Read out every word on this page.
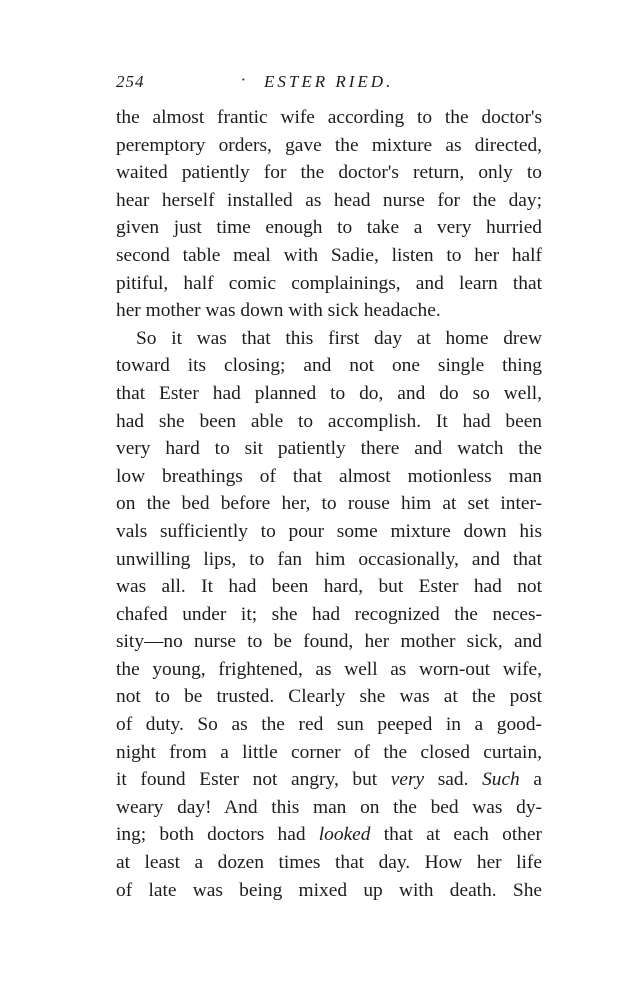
254	· ESTER RIED.
the almost frantic wife according to the doctor's
peremptory orders, gave the mixture as directed,
waited patiently for the doctor's return, only to
hear herself installed as head nurse for the day;
given just time enough to take a very hurried
second table meal with Sadie, listen to her half
pitiful, half comic complainings, and learn that
her mother was down with sick headache.
So it was that this first day at home drew
toward its closing; and not one single thing
that Ester had planned to do, and do so well,
had she been able to accomplish. It had been
very hard to sit patiently there and watch the
low breathings of that almost motionless man
on the bed before her, to rouse him at set inter-
vals sufficiently to pour some mixture down his
unwilling lips, to fan him occasionally, and that
was all. It had been hard, but Ester had not
chafed under it; she had recognized the neces-
sity—no nurse to be found, her mother sick, and
the young, frightened, as well as worn-out wife,
not to be trusted. Clearly she was at the post
of duty. So as the red sun peeped in a good-
night from a little corner of the closed curtain,
it found Ester not angry, but very sad. Such a
weary day! And this man on the bed was dy-
ing; both doctors had looked that at each other
at least a dozen times that day. How her life
of late was being mixed up with death. She
